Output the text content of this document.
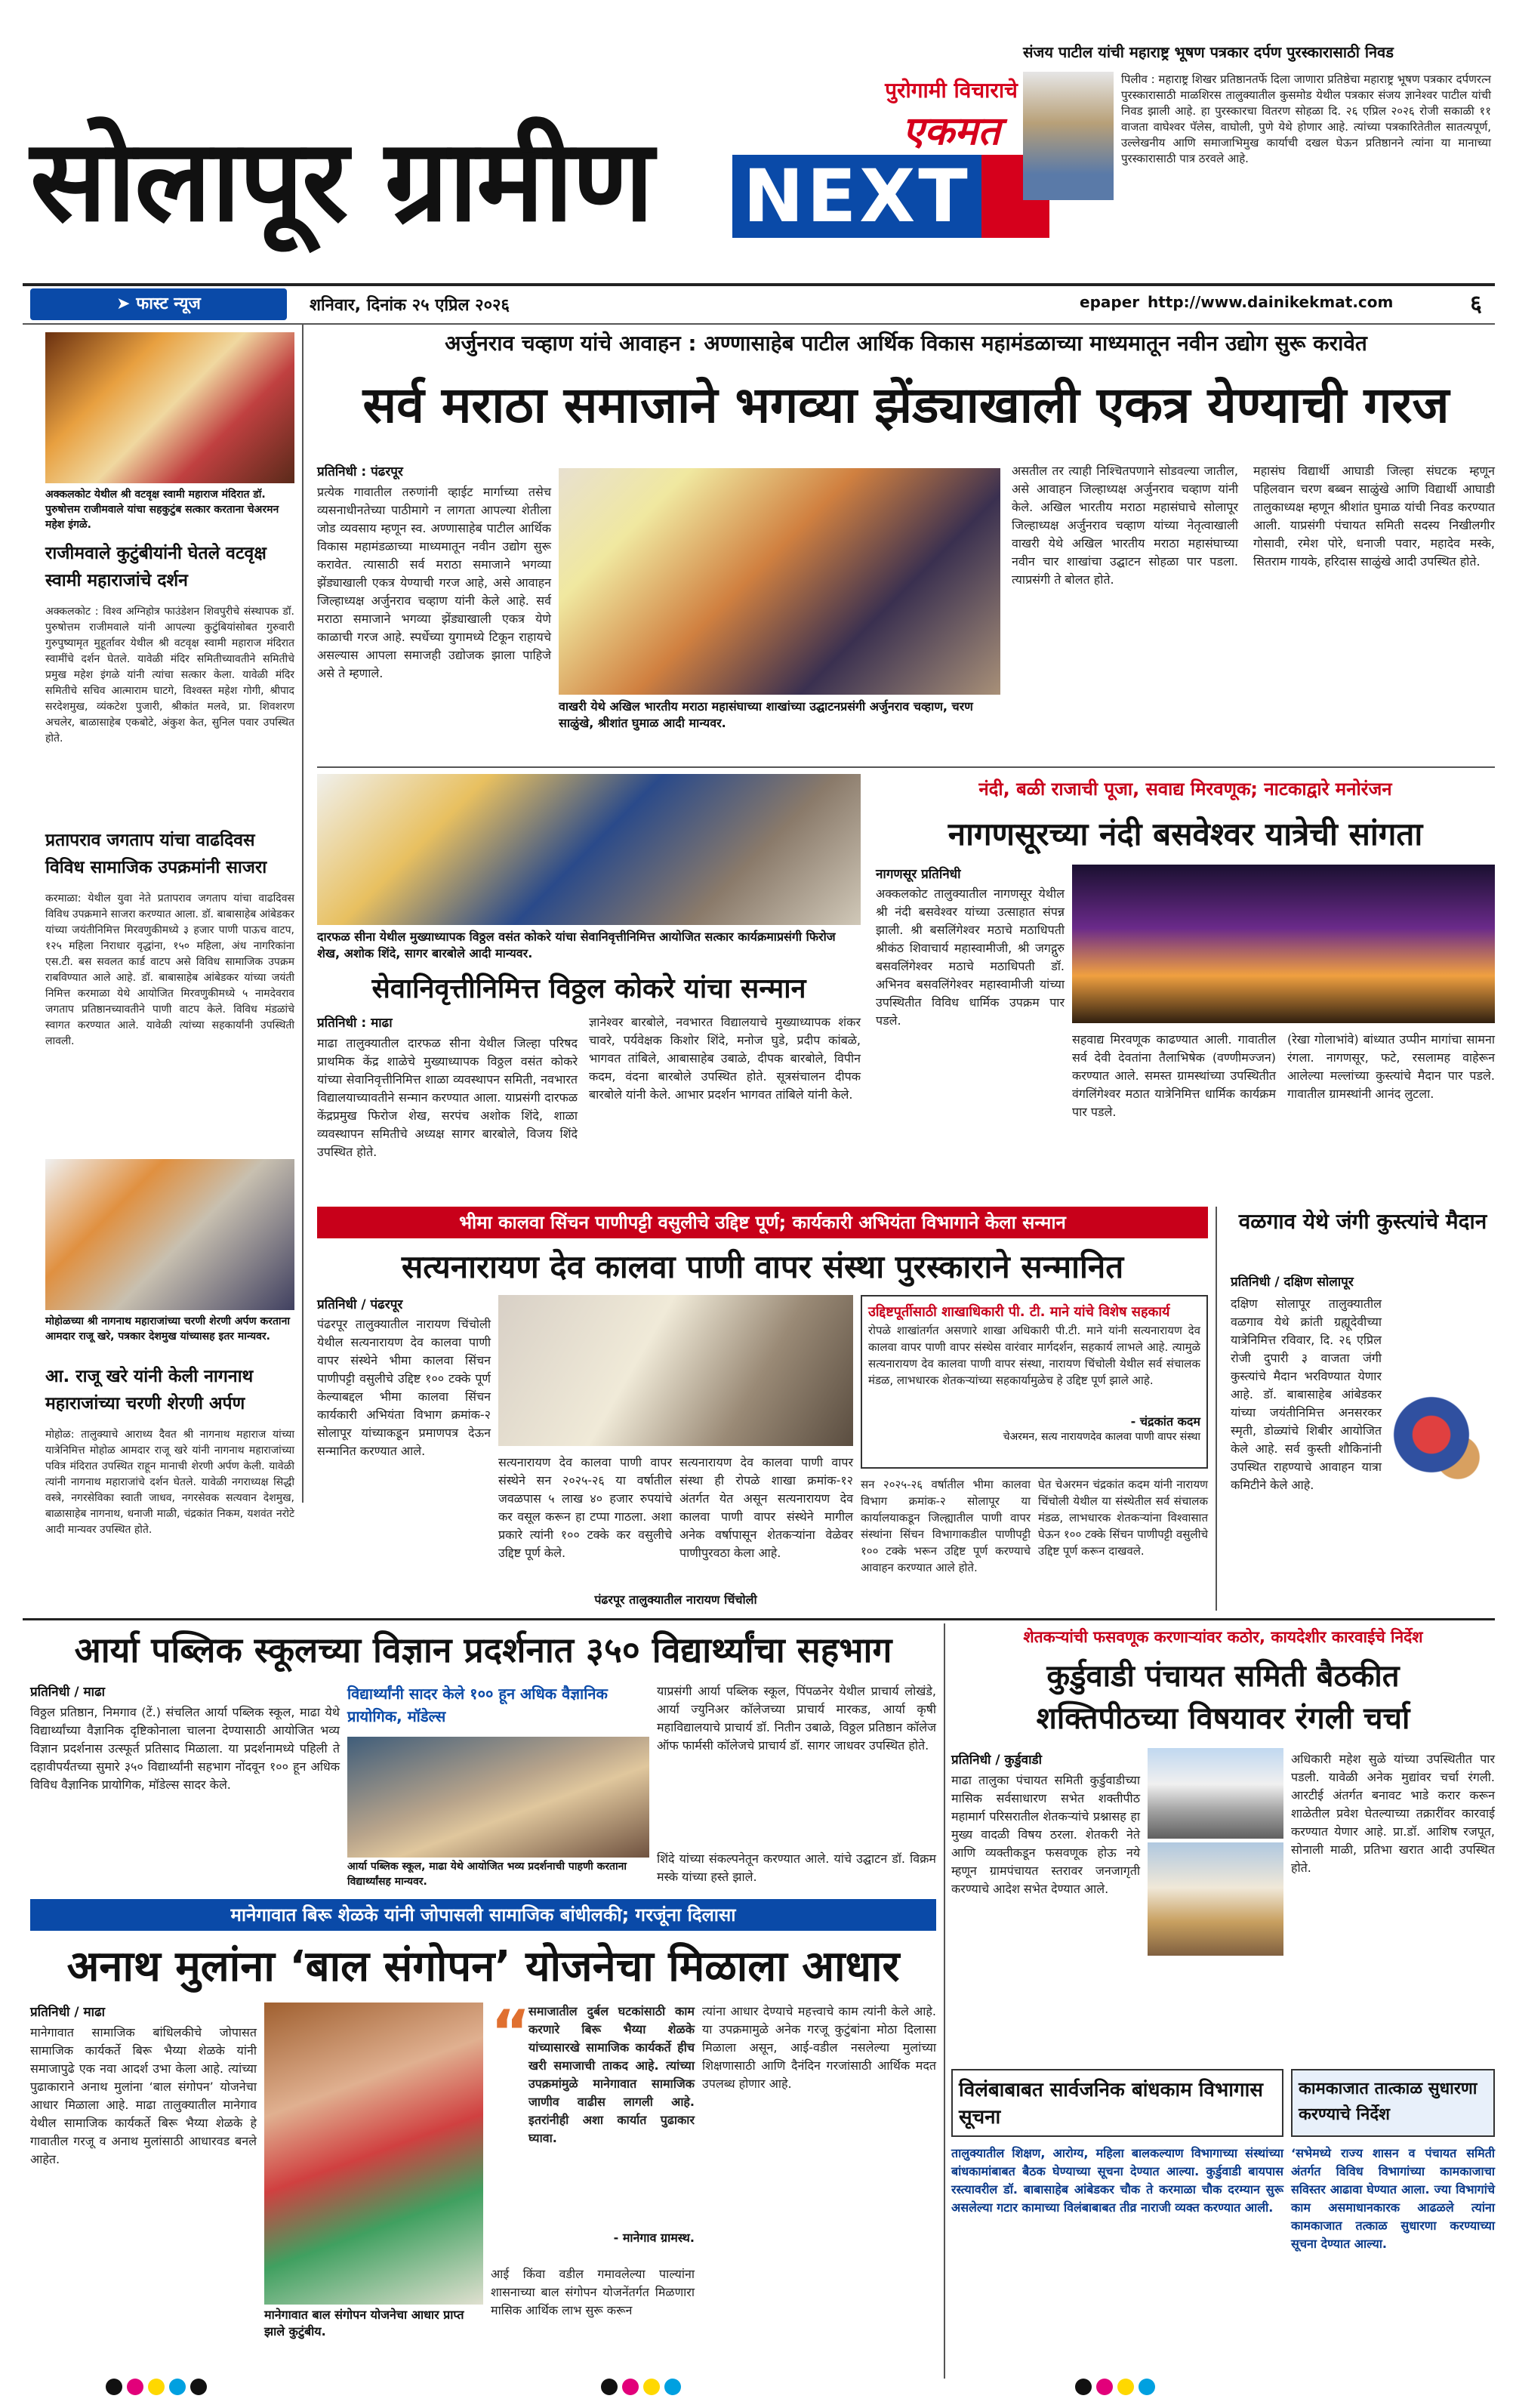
सोलापूर ग्रामीण
पुरोगामी विचाराचे
एकमत
NEXT
संजय पाटील यांची महाराष्ट्र भूषण पत्रकार दर्पण पुरस्कारासाठी निवड
पिलीव : महाराष्ट्र शिखर प्रतिष्ठानतर्फे दिला जाणारा प्रतिष्ठेचा महाराष्ट्र भूषण पत्रकार दर्पणरत्न पुरस्कारासाठी माळशिरस तालुक्यातील कुसमोड येथील पत्रकार संजय ज्ञानेश्वर पाटील यांची निवड झाली आहे. हा पुरस्कारचा वितरण सोहळा दि. २६ एप्रिल २०२६ रोजी सकाळी ११ वाजता वाघेश्वर पॅलेस, वाघोली, पुणे येथे होणार आहे. त्यांच्या पत्रकारितेतील सातत्यपूर्ण, उल्लेखनीय आणि समाजाभिमुख कार्याची दखल घेऊन प्रतिष्ठानने त्यांना या मानाच्या पुरस्कारासाठी पात्र ठरवले आहे.
➤ फास्ट न्यूज	शनिवार, दिनांक २५ एप्रिल २०२६	epaper http://www.dainikekmat.com	६
अक्कलकोट येथील श्री वटवृक्ष स्वामी महाराज मंदिरात डॉ. पुरुषोत्तम राजीमवाले यांचा सहकुटुंब सत्कार करताना चेअरमन महेश इंगळे.
राजीमवाले कुटुंबीयांनी घेतले वटवृक्ष स्वामी महाराजांचे दर्शन
अक्कलकोट : विश्व अग्निहोत्र फाउंडेशन शिवपुरीचे संस्थापक डॉ. पुरुषोत्तम राजीमवाले यांनी आपल्या कुटुंबियांसोबत गुरुवारी गुरुपुष्यामृत मुहूर्तावर येथील श्री वटवृक्ष स्वामी महाराज मंदिरात स्वामींचे दर्शन घेतले. यावेळी मंदिर समितीच्यावतीने समितीचे प्रमुख महेश इंगळे यांनी त्यांचा सत्कार केला. यावेळी मंदिर समितीचे सचिव आत्माराम घाटगे, विश्वस्त महेश गोगी, श्रीपाद सरदेशमुख, व्यंकटेश पुजारी, श्रीकांत मलवे, प्रा. शिवशरण अचलेर, बाळासाहेब एकबोटे, अंकुश केत, सुनिल पवार उपस्थित होते.
प्रतापराव जगताप यांचा वाढदिवस विविध सामाजिक उपक्रमांनी साजरा
करमाळा: येथील युवा नेते प्रतापराव जगताप यांचा वाढदिवस विविध उपक्रमाने साजरा करण्यात आला. डॉ. बाबासाहेब आंबेडकर यांच्या जयंतीनिमित्त मिरवणुकीमध्ये ३ हजार पाणी पाऊच वाटप, १२५ महिला निराधार वृद्धांना, १५० महिला, अंध नागरिकांना एस.टी. बस सवलत कार्ड वाटप असे विविध सामाजिक उपक्रम राबविण्यात आले आहे. डॉ. बाबासाहेब आंबेडकर यांच्या जयंती निमित्त करमाळा येथे आयोजित मिरवणुकीमध्ये ५ नामदेवराव जगताप प्रतिष्ठानच्यावतीने पाणी वाटप केले. विविध मंडळांचे स्वागत करण्यात आले. यावेळी त्यांच्या सहकार्यांनी उपस्थिती लावली.
मोहोळच्या श्री नागनाथ महाराजांच्या चरणी शेरणी अर्पण करताना आमदार राजू खरे, पत्रकार देशमुख यांच्यासह इतर मान्यवर.
आ. राजू खरे यांनी केली नागनाथ महाराजांच्या चरणी शेरणी अर्पण
मोहोळ: तालुक्याचे आराध्य दैवत श्री नागनाथ महाराज यांच्या यात्रेनिमित्त मोहोळ आमदार राजू खरे यांनी नागनाथ महाराजांच्या पवित्र मंदिरात उपस्थित राहून मानाची शेरणी अर्पण केली. यावेळी त्यांनी नागनाथ महाराजांचे दर्शन घेतले. यावेळी नगराध्यक्ष सिद्धी वस्त्रे, नगरसेविका स्वाती जाधव, नगरसेवक सत्यवान देशमुख, बाळासाहेब नागनाथ, धनाजी माळी, चंद्रकांत निकम, यशवंत नरोटे आदी मान्यवर उपस्थित होते.
अर्जुनराव चव्हाण यांचे आवाहन : अण्णासाहेब पाटील आर्थिक विकास महामंडळाच्या माध्यमातून नवीन उद्योग सुरू करावेत
सर्व मराठा समाजाने भगव्या झेंड्याखाली एकत्र येण्याची गरज
प्रतिनिधी : पंढरपूर
प्रत्येक गावातील तरुणांनी व्हाईट मार्गाच्या तसेच व्यसनाधीनतेच्या पाठीमागे न लागता आपल्या शेतीला जोड व्यवसाय म्हणून स्व. अण्णासाहेब पाटील आर्थिक विकास महामंडळाच्या माध्यमातून नवीन उद्योग सुरू करावेत. त्यासाठी सर्व मराठा समाजाने भगव्या झेंड्याखाली एकत्र येण्याची गरज आहे, असे आवाहन जिल्हाध्यक्ष अर्जुनराव चव्हाण यांनी केले आहे. सर्व मराठा समाजाने भगव्या झेंड्याखाली एकत्र येणे काळाची गरज आहे. स्पर्धेच्या युगामध्ये टिकून राहायचे असल्यास आपला समाजही उद्योजक झाला पाहिजे असे ते म्हणाले.
वाखरी येथे अखिल भारतीय मराठा महासंघाच्या शाखांच्या उद्घाटनप्रसंगी अर्जुनराव चव्हाण, चरण साळुंखे, श्रीशांत घुमाळ आदी मान्यवर.
असतील तर त्याही निश्चितपणाने सोडवल्या जातील, असे आवाहन जिल्हाध्यक्ष अर्जुनराव चव्हाण यांनी केले. अखिल भारतीय मराठा महासंघाचे सोलापूर जिल्हाध्यक्ष अर्जुनराव चव्हाण यांच्या नेतृत्वाखाली वाखरी येथे अखिल भारतीय मराठा महासंघाच्या नवीन चार शाखांचा उद्घाटन सोहळा पार पडला. त्याप्रसंगी ते बोलत होते.
महासंघ विद्यार्थी आघाडी जिल्हा संघटक म्हणून पहिलवान चरण बब्बन साळुंखे आणि विद्यार्थी आघाडी तालुकाध्यक्ष म्हणून श्रीशांत घुमाळ यांची निवड करण्यात आली. याप्रसंगी पंचायत समिती सदस्य निखीलगीर गोसावी, रमेश पोरे, धनाजी पवार, महादेव मस्के, सितराम गायके, हरिदास साळुंखे आदी उपस्थित होते.
दारफळ सीना येथील मुख्याध्यापक विठ्ठल वसंत कोकरे यांचा सेवानिवृत्तीनिमित्त आयोजित सत्कार कार्यक्रमाप्रसंगी फिरोज शेख, अशोक शिंदे, सागर बारबोले आदी मान्यवर.
सेवानिवृत्तीनिमित्त विठ्ठल कोकरे यांचा सन्मान
प्रतिनिधी : माढा
माढा तालुक्यातील दारफळ सीना येथील जिल्हा परिषद प्राथमिक केंद्र शाळेचे मुख्याध्यापक विठ्ठल वसंत कोकरे यांच्या सेवानिवृत्तीनिमित्त शाळा व्यवस्थापन समिती, नवभारत विद्यालयाच्यावतीने सन्मान करण्यात आला. याप्रसंगी दारफळ केंद्रप्रमुख फिरोज शेख, सरपंच अशोक शिंदे, शाळा व्यवस्थापन समितीचे अध्यक्ष सागर बारबोले, विजय शिंदे उपस्थित होते.
ज्ञानेश्वर बारबोले, नवभारत विद्यालयाचे मुख्याध्यापक शंकर चावरे, पर्यवेक्षक किशोर शिंदे, मनोज घुडे, प्रदीप कांबळे, भागवत तांबिले, आबासाहेब उबाळे, दीपक बारबोले, विपीन कदम, वंदना बारबोले उपस्थित होते. सूत्रसंचालन दीपक बारबोले यांनी केले. आभार प्रदर्शन भागवत तांबिले यांनी केले.
नंदी, बळी राजाची पूजा, सवाद्य मिरवणूक; नाटकाद्वारे मनोरंजन
नागणसूरच्या नंदी बसवेश्वर यात्रेची सांगता
नागणसूर प्रतिनिधी
अक्कलकोट तालुक्यातील नागणसूर येथील श्री नंदी बसवेश्वर यांच्या उत्साहात संपन्न झाली. श्री बसलिंगेश्वर मठाचे मठाधिपती श्रीकंठ शिवाचार्य महास्वामीजी, श्री जगद्गुरु बसवलिंगेश्वर मठाचे मठाधिपती डॉ. अभिनव बसवलिंगेश्वर महास्वामीजी यांच्या उपस्थितीत विविध धार्मिक उपक्रम पार पडले.
सहवाद्य मिरवणूक काढण्यात आली. गावातील सर्व देवी देवतांना तैलाभिषेक (वण्णीमज्जन) करण्यात आले. समस्त ग्रामस्थांच्या उपस्थितीत वंगलिंगेश्वर मठात यात्रेनिमित्त धार्मिक कार्यक्रम पार पडले.
(रेखा गोलाभांवे) बांध्यात उप्पीन मागांचा सामना रंगला. नागणसूर, फटे, रसलामह वाहेरून आलेल्या मल्लांच्या कुस्त्यांचे मैदान पार पडले. गावातील ग्रामस्थांनी आनंद लुटला.
भीमा कालवा सिंचन पाणीपट्टी वसुलीचे उद्दिष्ट पूर्ण; कार्यकारी अभियंता विभागाने केला सन्मान
सत्यनारायण देव कालवा पाणी वापर संस्था पुरस्काराने सन्मानित
प्रतिनिधी / पंढरपूर
पंढरपूर तालुक्यातील नारायण चिंचोली येथील सत्यनारायण देव कालवा पाणी वापर संस्थेने भीमा कालवा सिंचन पाणीपट्टी वसुलीचे उद्दिष्ट १०० टक्के पूर्ण केल्याबद्दल भीमा कालवा सिंचन कार्यकारी अभियंता विभाग क्रमांक-२ सोलापूर यांच्याकडून प्रमाणपत्र देऊन सन्मानित करण्यात आले.
सत्यनारायण देव कालवा पाणी वापर संस्थेने सन २०२५-२६ या वर्षातील जवळपास ५ लाख ४० हजार रुपयांचे कर वसूल करून हा टप्पा गाठला. अशा प्रकारे त्यांनी १०० टक्के कर वसुलीचे उद्दिष्ट पूर्ण केले.
सत्यनारायण देव कालवा पाणी वापर संस्था ही रोपळे शाखा क्रमांक-१२ अंतर्गत येत असून सत्यनारायण देव कालवा पाणी वापर संस्थेने मागील अनेक वर्षापासून शेतकऱ्यांना वेळेवर पाणीपुरवठा केला आहे.
पंढरपूर तालुक्यातील नारायण चिंचोली
उद्दिष्टपूर्तीसाठी शाखाधिकारी पी. टी. माने यांचे विशेष सहकार्य
रोपळे शाखांतर्गत असणारे शाखा अधिकारी पी.टी. माने यांनी सत्यनारायण देव कालवा वापर पाणी वापर संस्थेस वारंवार मार्गदर्शन, सहकार्य लाभले आहे. त्यामुळे सत्यनारायण देव कालवा पाणी वापर संस्था, नारायण चिंचोली येथील सर्व संचालक मंडळ, लाभधारक शेतकऱ्यांच्या सहकार्यामुळेच हे उद्दिष्ट पूर्ण झाले आहे.
- चंद्रकांत कदम
चेअरमन, सत्य नारायणदेव कालवा पाणी वापर संस्था
सन २०२५-२६ वर्षातील भीमा कालवा विभाग क्रमांक-२ सोलापूर या कार्यालयाकडून जिल्ह्यातील पाणी वापर संस्थांना सिंचन विभागाकडील पाणीपट्टी १०० टक्के भरून उद्दिष्ट पूर्ण करण्याचे आवाहन करण्यात आले होते.
घेत चेअरमन चंद्रकांत कदम यांनी नारायण चिंचोली येथील या संस्थेतील सर्व संचालक मंडळ, लाभधारक शेतकऱ्यांना विश्वासात घेऊन १०० टक्के सिंचन पाणीपट्टी वसुलीचे उद्दिष्ट पूर्ण करून दाखवले.
वळगाव येथे जंगी कुस्त्यांचे मैदान
प्रतिनिधी / दक्षिण सोलापूर
दक्षिण सोलापूर तालुक्यातील वळगाव येथे क्रांती ग्रह्यूदेवीच्या यात्रेनिमित्त रविवार, दि. २६ एप्रिल रोजी दुपारी ३ वाजता जंगी कुस्त्यांचे मैदान भरविण्यात येणार आहे. डॉ. बाबासाहेब आंबेडकर यांच्या जयंतीनिमित्त अनसरकर स्मृती, डोळ्यांचे शिबीर आयोजित केले आहे. सर्व कुस्ती शौकिनांनी उपस्थित राहण्याचे आवाहन यात्रा कमिटीने केले आहे.
आर्या पब्लिक स्कूलच्या विज्ञान प्रदर्शनात ३५० विद्यार्थ्यांचा सहभाग
प्रतिनिधी / माढा
विठ्ठल प्रतिष्ठान, निमगाव (टें.) संचलित आर्या पब्लिक स्कूल, माढा येथे विद्यार्थ्यांच्या वैज्ञानिक दृष्टिकोनाला चालना देण्यासाठी आयोजित भव्य विज्ञान प्रदर्शनास उत्स्फूर्त प्रतिसाद मिळाला. या प्रदर्शनामध्ये पहिली ते दहावीपर्यंतच्या सुमारे ३५० विद्यार्थ्यांनी सहभाग नोंदवून १०० हून अधिक विविध वैज्ञानिक प्रायोगिक, मॉडेल्स सादर केले.
विद्यार्थ्यांनी सादर केले १०० हून अधिक वैज्ञानिक प्रायोगिक, मॉडेल्स
आर्या पब्लिक स्कूल, माढा येथे आयोजित भव्य प्रदर्शनाची पाहणी करताना विद्यार्थ्यांसह मान्यवर.
याप्रसंगी आर्या पब्लिक स्कूल, पिंपळनेर येथील प्राचार्य लोखंडे, आर्या ज्युनिअर कॉलेजच्या प्राचार्य मारकड, आर्या कृषी महाविद्यालयाचे प्राचार्य डॉ. नितीन उबाळे, विठ्ठल प्रतिष्ठान कॉलेज ऑफ फार्मसी कॉलेजचे प्राचार्य डॉ. सागर जाधवर उपस्थित होते.
शिंदे यांच्या संकल्पनेतून करण्यात आले. यांचे उद्घाटन डॉ. विक्रम मस्के यांच्या हस्ते झाले.
शेतकऱ्यांची फसवणूक करणाऱ्यांवर कठोर, कायदेशीर कारवाईचे निर्देश
कुर्डुवाडी पंचायत समिती बैठकीत
शक्तिपीठच्या विषयावर रंगली चर्चा
प्रतिनिधी / कुर्डुवाडी
माढा तालुका पंचायत समिती कुर्डुवाडीच्या मासिक सर्वसाधारण सभेत शक्तीपीठ महामार्ग परिसरातील शेतकऱ्यांचे प्रश्नासह हा मुख्य वादळी विषय ठरला. शेतकरी नेते आणि व्यक्तीकडून फसवणूक होऊ नये म्हणून ग्रामपंचायत स्तरावर जनजागृती करण्याचे आदेश सभेत देण्यात आले.
अधिकारी महेश सुळे यांच्या उपस्थितीत पार पडली. यावेळी अनेक मुद्यांवर चर्चा रंगली. आरटीई अंतर्गत बनावट भाडे करार करून शाळेतील प्रवेश घेतल्याच्या तक्रारींवर कारवाई करण्यात येणार आहे. प्रा.डॉ. आशिष रजपूत, सोनाली माळी, प्रतिभा खरात आदी उपस्थित होते.
मानेगावात बिरू शेळके यांनी जोपासली सामाजिक बांधीलकी; गरजूंना दिलासा
अनाथ मुलांना ‘बाल संगोपन’ योजनेचा मिळाला आधार
प्रतिनिधी / माढा
मानेगावात सामाजिक बांधिलकीचे जोपासत सामाजिक कार्यकर्ते बिरू भैय्या शेळके यांनी समाजापुढे एक नवा आदर्श उभा केला आहे. त्यांच्या पुढाकाराने अनाथ मुलांना ‘बाल संगोपन’ योजनेचा आधार मिळाला आहे. माढा तालुक्यातील मानेगाव येथील सामाजिक कार्यकर्ते बिरू भैय्या शेळके हे गावातील गरजू व अनाथ मुलांसाठी आधारवड बनले आहेत.
मानेगावात बाल संगोपन योजनेचा आधार प्राप्त झाले कुटुंबीय.
“
समाजातील दुर्बल घटकांसाठी काम करणारे बिरू भैय्या शेळके यांच्यासारखे सामाजिक कार्यकर्ते हीच खरी समाजाची ताकद आहे. त्यांच्या उपक्रमांमुळे मानेगावात सामाजिक जाणीव वाढीस लागली आहे. इतरांनीही अशा कार्यात पुढाकार घ्यावा.
- मानेगाव ग्रामस्थ.
आई किंवा वडील गमावलेल्या पाल्यांना शासनाच्या बाल संगोपन योजनेंतर्गत मिळणारा मासिक आर्थिक लाभ सुरू करून
त्यांना आधार देण्याचे महत्त्वाचे काम त्यांनी केले आहे. या उपक्रमामुळे अनेक गरजू कुटुंबांना मोठा दिलासा मिळाला असून, आई-वडील नसलेल्या मुलांच्या शिक्षणासाठी आणि दैनंदिन गरजांसाठी आर्थिक मदत उपलब्ध होणार आहे.	विलंबाबाबत सार्वजनिक बांधकाम विभागास सूचना
तालुक्यातील शिक्षण, आरोग्य, महिला बालकल्याण विभागाच्या संस्थांच्या बांधकामांबाबत बैठक घेण्याच्या सूचना देण्यात आल्या. कुर्डुवाडी बायपास रस्त्यावरील डॉ. बाबासाहेब आंबेडकर चौक ते करमाळा चौक दरम्यान सुरू असलेल्या गटार कामाच्या विलंबाबाबत तीव्र नाराजी व्यक्त करण्यात आली.
कामकाजात तात्काळ सुधारणा करण्याचे निर्देश
‘सभेमध्ये राज्य शासन व पंचायत समिती अंतर्गत विविध विभागांच्या कामकाजाचा सविस्तर आढावा घेण्यात आला. ज्या विभागांचे काम असमाधानकारक आढळले त्यांना कामकाजात तत्काळ सुधारणा करण्याच्या सूचना देण्यात आल्या.
